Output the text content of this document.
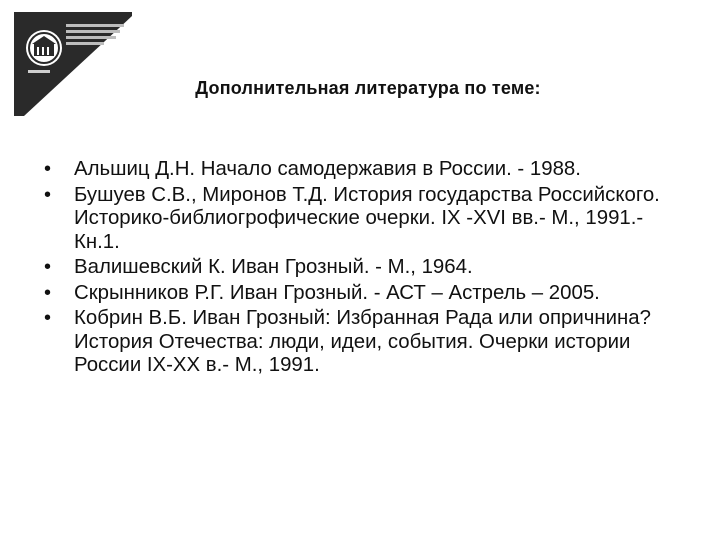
Дополнительная литература по теме:
•	Альшиц Д.Н. Начало самодержавия в России. - 1988.
•	Бушуев С.В., Миронов Т.Д. История государства Российского. Историко-библиогрофические очерки. IX -XVI вв.- М., 1991.- Кн.1.
•	Валишевский К. Иван Грозный. - М., 1964.
•	Скрынников Р.Г. Иван Грозный. - АСТ – Астрель – 2005.
•	Кобрин В.Б. Иван Грозный: Избранная Рада или опричнина? История Отечества: люди, идеи, события. Очерки истории России IX-XX в.- М., 1991.
